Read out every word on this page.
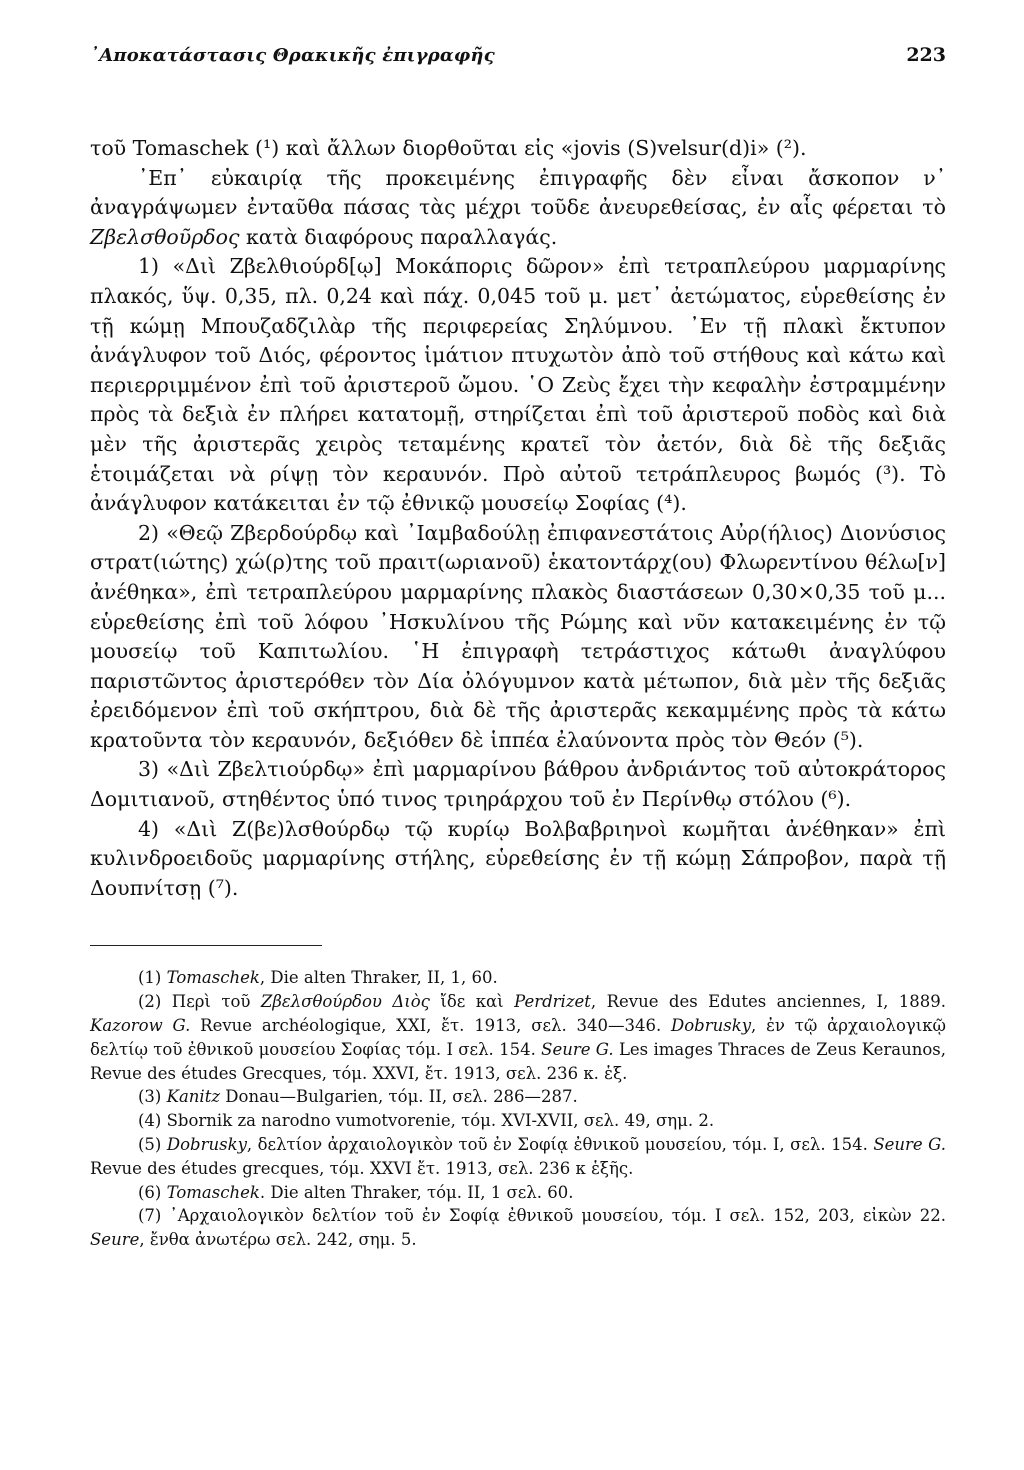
᾿Αποκατάστασις Θρακικῆς ἐπιγραφῆς	223

τοῦ Tomaschek (¹) καὶ ἄλλων διορθοῦται εἰς «jovis (S)velsur(d)i» (²).

᾿Επ᾿ εὐκαιρίᾳ τῆς προκειμένης ἐπιγραφῆς δὲν εἶναι ἄσκοπον ν᾿ ἀναγράψωμεν ἐνταῦθα πάσας τὰς μέχρι τοῦδε ἀνευρεθείσας, ἐν αἷς φέρεται τὸ Ζβελσθοῦρδος κατὰ διαφόρους παραλλαγάς.

1) «Διὶ Ζβελθιούρδ[ῳ] Μοκάπορις δῶρον» ἐπὶ τετραπλεύρου μαρμαρίνης πλακός, ὕψ. 0,35, πλ. 0,24 καὶ πάχ. 0,045 τοῦ μ. μετ᾿ ἀετώματος, εὑρεθείσης ἐν τῇ κώμῃ Μπουζαδζιλὰρ τῆς περιφερείας Σηλύμνου. ᾿Εν τῇ πλακὶ ἔκτυπον ἀνάγλυφον τοῦ Διός, φέροντος ἱμάτιον πτυχωτὸν ἀπὸ τοῦ στήθους καὶ κάτω καὶ περιερριμμένον ἐπὶ τοῦ ἀριστεροῦ ὤμου. ῾Ο Ζεὺς ἔχει τὴν κεφαλὴν ἐστραμμένην πρὸς τὰ δεξιὰ ἐν πλήρει κατατομῇ, στηρίζεται ἐπὶ τοῦ ἀριστεροῦ ποδὸς καὶ διὰ μὲν τῆς ἀριστερᾶς χειρὸς τεταμένης κρατεῖ τὸν ἀετόν, διὰ δὲ τῆς δεξιᾶς ἑτοιμάζεται νὰ ρίψῃ τὸν κεραυνόν. Πρὸ αὐτοῦ τετράπλευρος βωμός (³). Τὸ ἀνάγλυφον κατάκειται ἐν τῷ ἐθνικῷ μουσείῳ Σοφίας (⁴).

2) «Θεῷ Ζβερδούρδῳ καὶ ᾿Ιαμβαδούλῃ ἐπιφανεστάτοις Αὐρ(ήλιος) Διονύσιος στρατ(ιώτης) χώ(ρ)της τοῦ πραιτ(ωριανοῦ) ἑκατοντάρχ(ου) Φλωρεντίνου θέλω[ν] ἀνέθηκα», ἐπὶ τετραπλεύρου μαρμαρίνης πλακὸς διαστάσεων 0,30×0,35 τοῦ μ... εὑρεθείσης ἐπὶ τοῦ λόφου ᾿Ησκυλίνου τῆς Ρώμης καὶ νῦν κατακειμένης ἐν τῷ μουσείῳ τοῦ Καπιτωλίου. ῾Η ἐπιγραφὴ τετράστιχος κάτωθι ἀναγλύφου παριστῶντος ἀριστερόθεν τὸν Δία ὀλόγυμνον κατὰ μέτωπον, διὰ μὲν τῆς δεξιᾶς ἐρειδόμενον ἐπὶ τοῦ σκήπτρου, διὰ δὲ τῆς ἀριστερᾶς κεκαμμένης πρὸς τὰ κάτω κρατοῦντα τὸν κεραυνόν, δεξιόθεν δὲ ἱππέα ἐλαύνοντα πρὸς τὸν Θεόν (⁵).

3) «Διὶ Ζβελτιούρδῳ» ἐπὶ μαρμαρίνου βάθρου ἀνδριάντος τοῦ αὐτοκράτορος Δομιτιανοῦ, στηθέντος ὑπό τινος τριηράρχου τοῦ ἐν Περίνθῳ στόλου (⁶).

4) «Διὶ Ζ(βε)λσθούρδῳ τῷ κυρίῳ Βολβαβριηνοὶ κωμῆται ἀνέθηκαν» ἐπὶ κυλινδροειδοῦς μαρμαρίνης στήλης, εὑρεθείσης ἐν τῇ κώμῃ Σάπροβον, παρὰ τῇ Δουπνίτσῃ (⁷).

(1) Tomaschek, Die alten Thraker, II, 1, 60.

(2) Περὶ τοῦ Ζβελσθούρδου Διὸς ἴδε καὶ Perdrizet, Revue des Edutes anciennes, I, 1889. Kazorow G. Revue archéologique, XXI, ἔτ. 1913, σελ. 340—346. Dobrusky, ἐν τῷ ἀρχαιολογικῷ δελτίῳ τοῦ ἐθνικοῦ μουσείου Σοφίας τόμ. I σελ. 154. Seure G. Les images Thraces de Zeus Keraunos, Revue des études Grecques, τόμ. XXVI, ἔτ. 1913, σελ. 236 κ. ἑξ.

(3) Kanitz Donau—Bulgarien, τόμ. II, σελ. 286—287.

(4) Sbornik za narodno vumotvorenie, τόμ. XVI-XVII, σελ. 49, σημ. 2.

(5) Dobrusky, δελτίον ἀρχαιολογικὸν τοῦ ἐν Σοφίᾳ ἐθνικοῦ μουσείου, τόμ. I, σελ. 154. Seure G. Revue des études grecques, τόμ. XXVI ἔτ. 1913, σελ. 236 κ ἑξῆς.

(6) Tomaschek. Die alten Thraker, τόμ. II, 1 σελ. 60.

(7) ᾿Αρχαιολογικὸν δελτίον τοῦ ἐν Σοφίᾳ ἐθνικοῦ μουσείου, τόμ. I σελ. 152, 203, εἰκὼν 22. Seure, ἔνθα ἀνωτέρω σελ. 242, σημ. 5.
